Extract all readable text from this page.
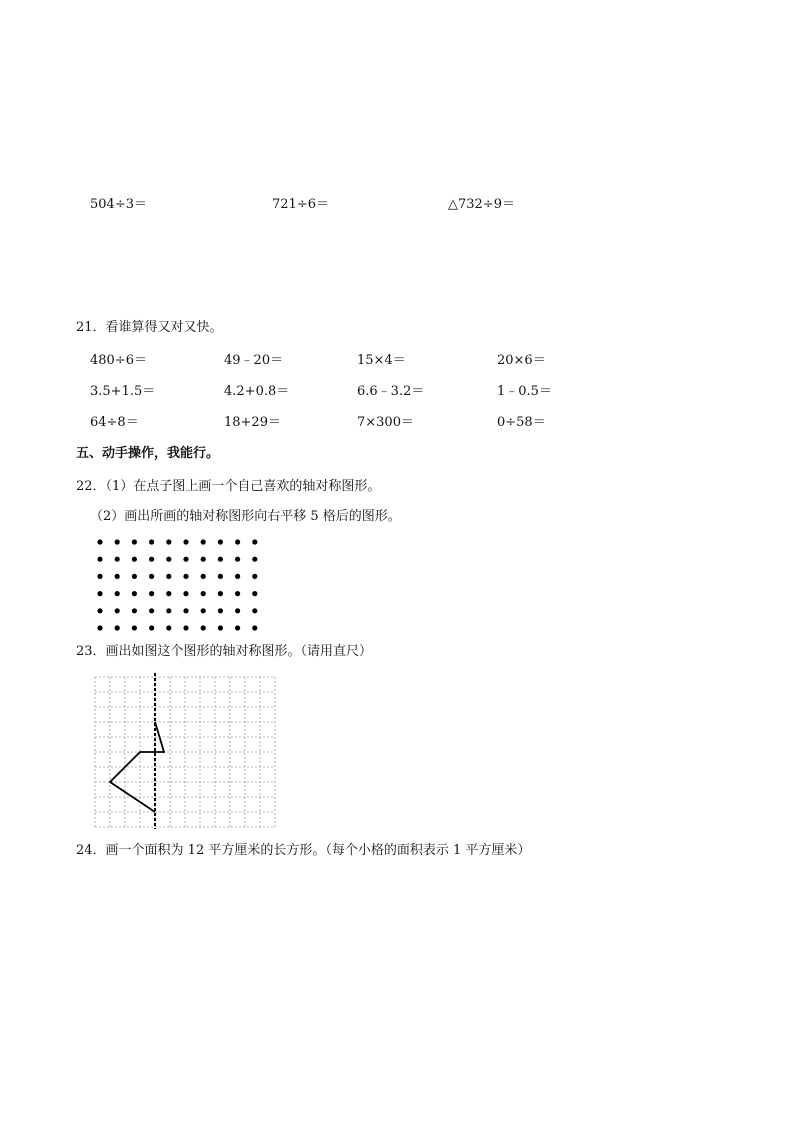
504÷3＝	721÷6＝	△732÷9＝
21．看谁算得又对又快。
480÷6＝	49﹣20＝	15×4＝	20×6＝
3.5+1.5＝	4.2+0.8＝	6.6﹣3.2＝	1﹣0.5＝
64÷8＝	18+29＝	7×300＝	0÷58＝
五、动手操作，我能行。
22．（1）在点子图上画一个自己喜欢的轴对称图形。
（2）画出所画的轴对称图形向右平移 5 格后的图形。
23．画出如图这个图形的轴对称图形。（请用直尺）
24．画一个面积为 12 平方厘米的长方形。（每个小格的面积表示 1 平方厘米）
